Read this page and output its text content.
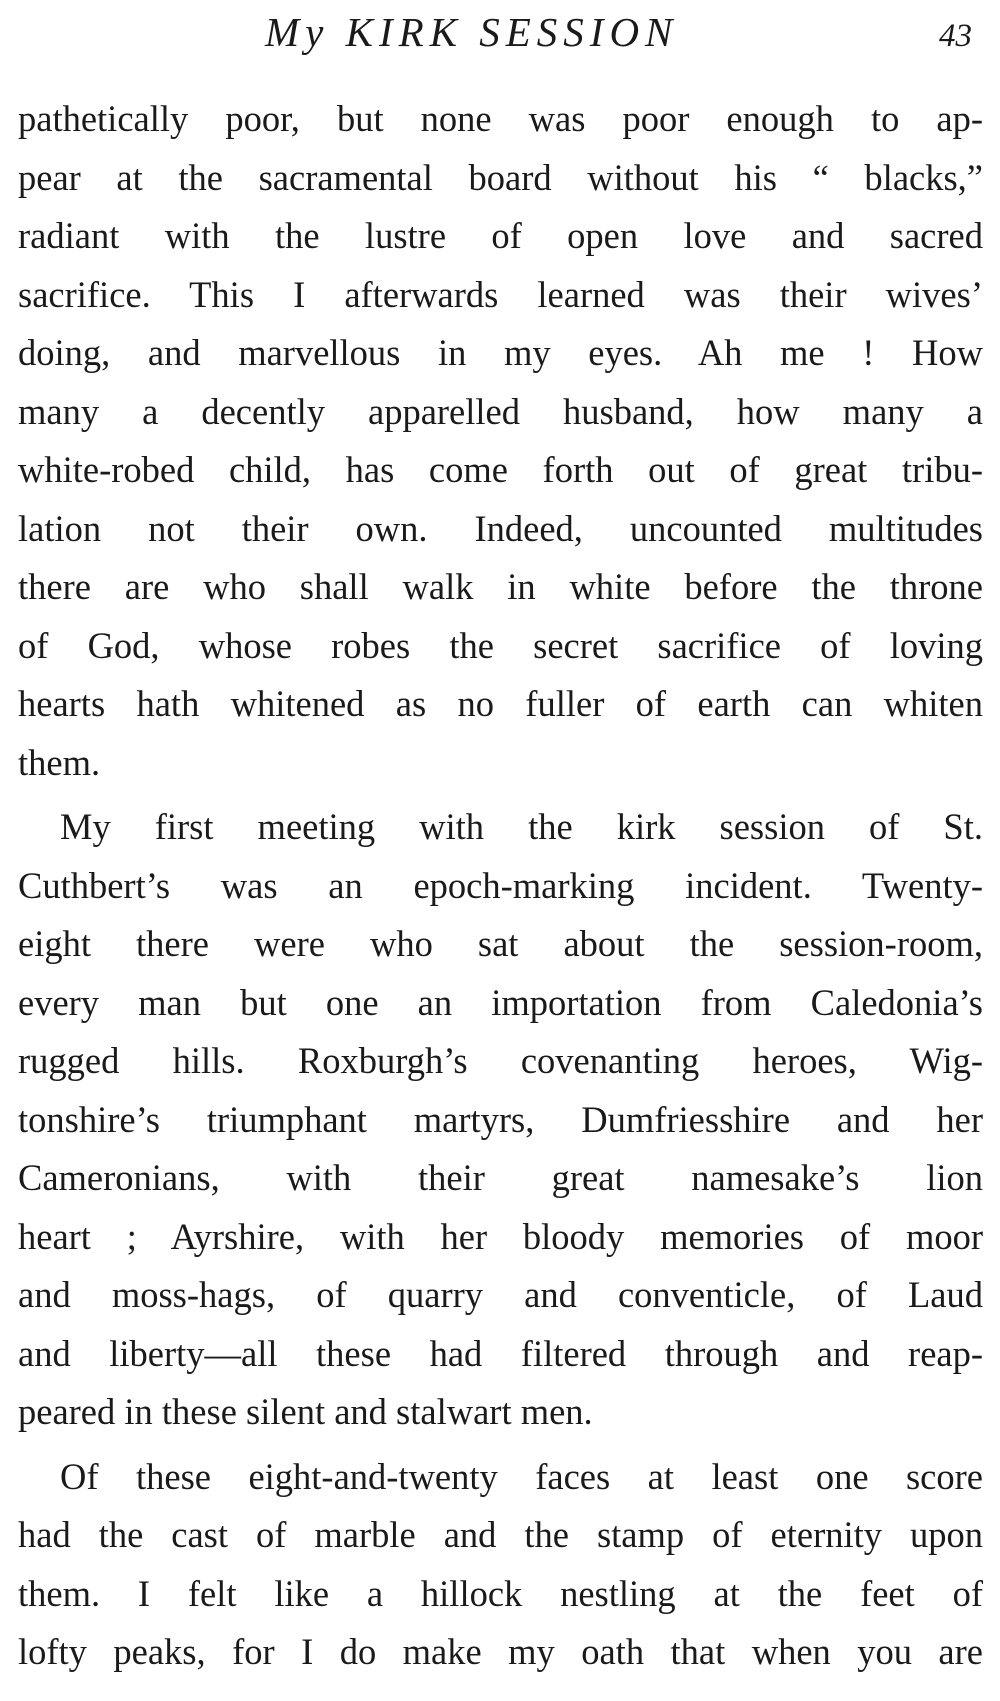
My KIRK SESSION	43
pathetically poor, but none was poor enough to ap-
pear at the sacramental board without his “ blacks,”
radiant with the lustre of open love and sacred
sacrifice. This I afterwards learned was their wives’
doing, and marvellous in my eyes. Ah me ! How
many a decently apparelled husband, how many a
white-robed child, has come forth out of great tribu-
lation not their own. Indeed, uncounted multitudes
there are who shall walk in white before the throne
of God, whose robes the secret sacrifice of loving
hearts hath whitened as no fuller of earth can whiten
them.
My first meeting with the kirk session of St.
Cuthbert’s was an epoch-marking incident. Twenty-
eight there were who sat about the session-room,
every man but one an importation from Caledonia’s
rugged hills. Roxburgh’s covenanting heroes, Wig-
tonshire’s triumphant martyrs, Dumfriesshire and her
Cameronians, with their great namesake’s lion
heart ; Ayrshire, with her bloody memories of moor
and moss-hags, of quarry and conventicle, of Laud
and liberty—all these had filtered through and reap-
peared in these silent and stalwart men.
Of these eight-and-twenty faces at least one score
had the cast of marble and the stamp of eternity upon
them. I felt like a hillock nestling at the feet of
lofty peaks, for I do make my oath that when you are
